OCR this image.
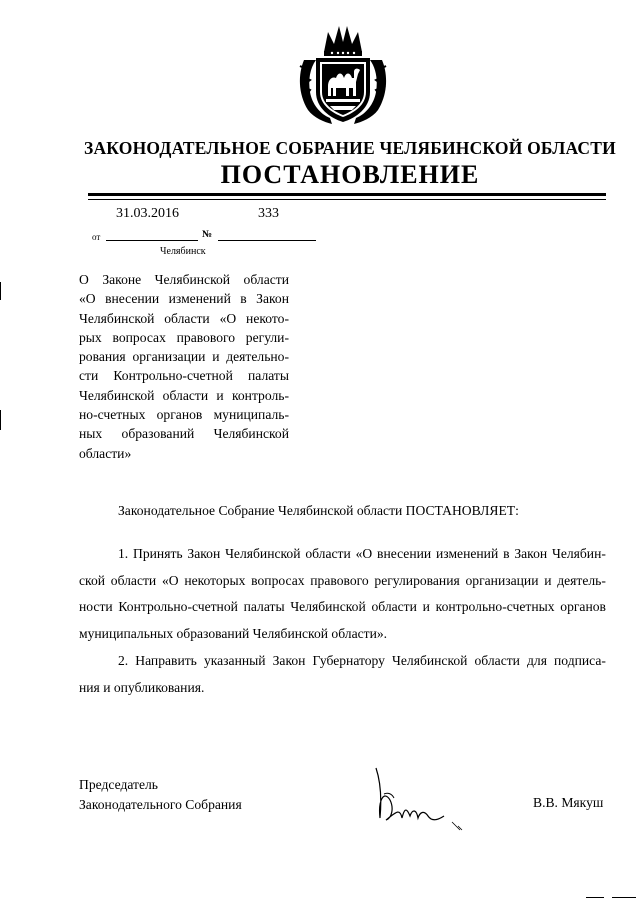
ЗАКОНОДАТЕЛЬНОЕ СОБРАНИЕ ЧЕЛЯБИНСКОЙ ОБЛАСТИ
ПОСТАНОВЛЕНИЕ
31.03.2016	333
от	№
Челябинск
О Законе Челябинской области
«О внесении изменений в Закон
Челябинской области «О некото-
рых вопросах правового регули-
рования организации и деятельно-
сти Контрольно-счетной палаты
Челябинской области и контроль-
но-счетных органов муниципаль-
ных образований Челябинской
области»
Законодательное Собрание Челябинской области ПОСТАНОВЛЯЕТ:
1. Принять Закон Челябинской области «О внесении изменений в Закон Челябин-
ской области «О некоторых вопросах правового регулирования организации и деятель-
ности Контрольно-счетной палаты Челябинской области и контрольно-счетных органов
муниципальных образований Челябинской области».
2. Направить указанный Закон Губернатору Челябинской области для подписа-
ния и опубликования.
Председатель
Законодательного Собрания	В.В. Мякуш
